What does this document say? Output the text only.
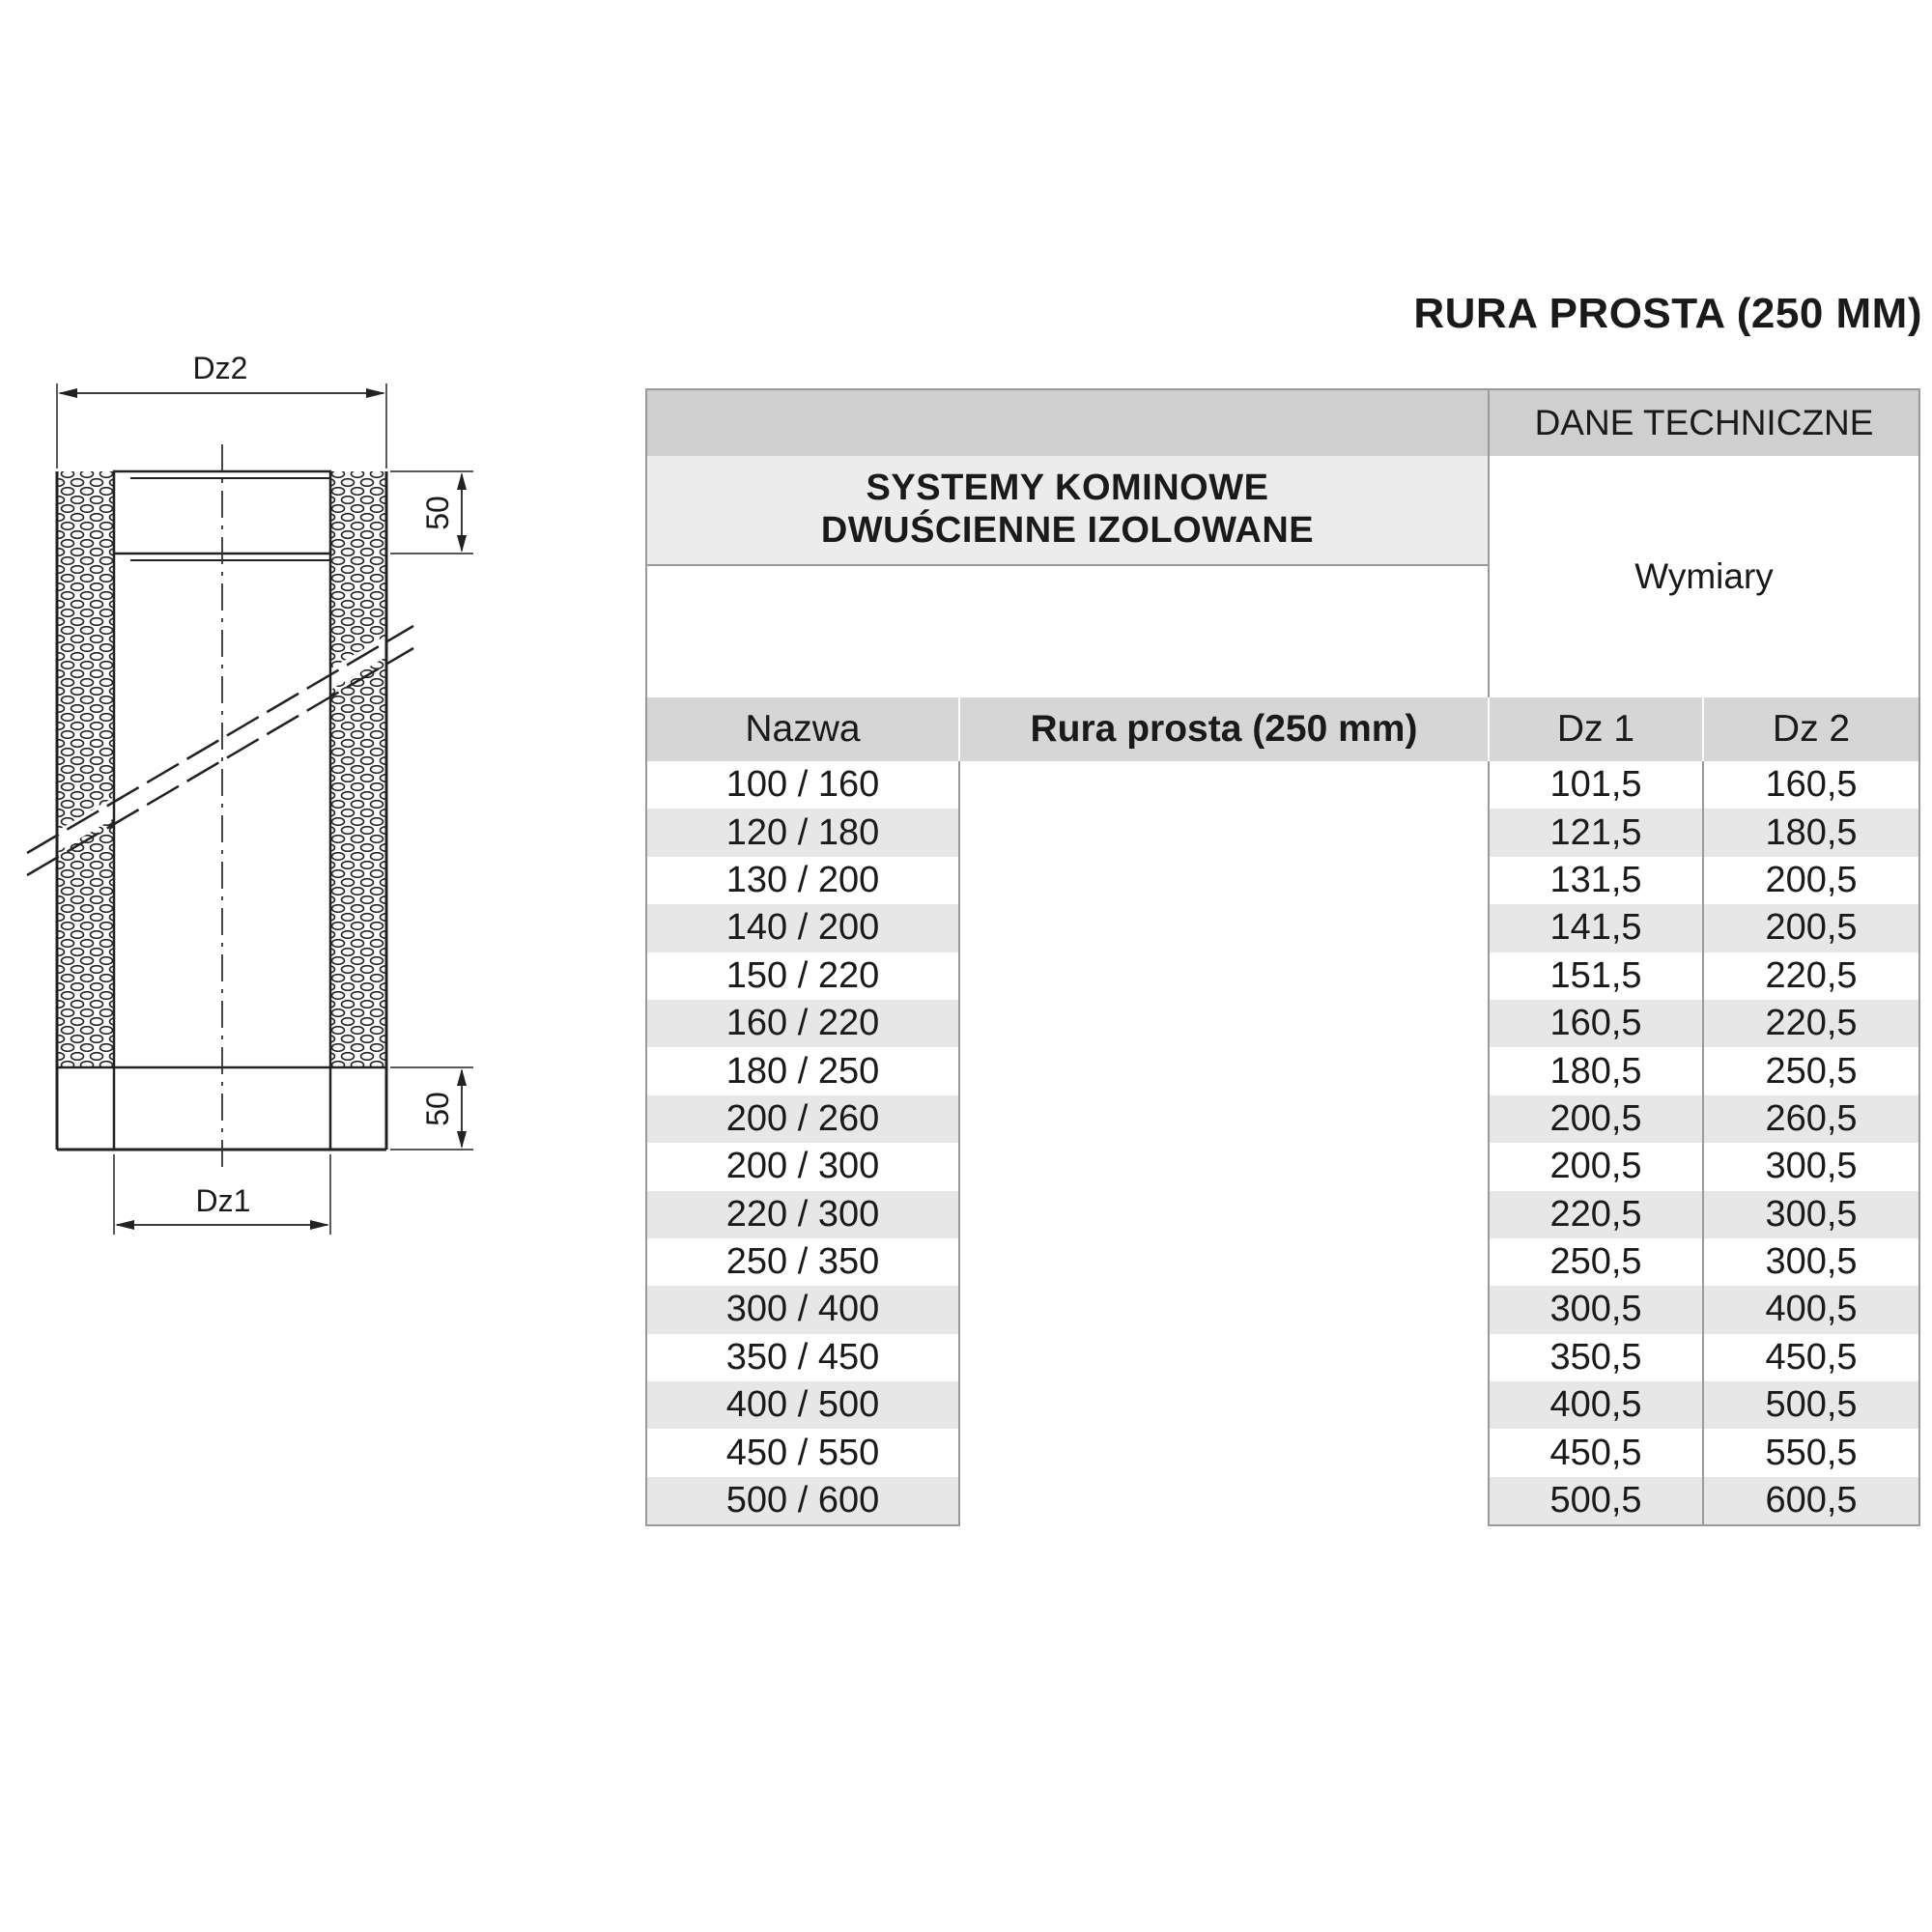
RURA PROSTA (250 MM)
Dz2
Dz1
50
50
		DANE TECHNICZNE	

SYSTEMY KOMINOWE
DWUŚCIENNE IZOLOWANE		Wymiary	

Nazwa	Rura prosta (250 mm)	Dz 1	Dz 2
100 / 160		101,5	160,5
120 / 180		121,5	180,5
130 / 200		131,5	200,5
140 / 200		141,5	200,5
150 / 220		151,5	220,5
160 / 220		160,5	220,5
180 / 250		180,5	250,5
200 / 260		200,5	260,5
200 / 300		200,5	300,5
220 / 300		220,5	300,5
250 / 350		250,5	300,5
300 / 400		300,5	400,5
350 / 450		350,5	450,5
400 / 500		400,5	500,5
450 / 550		450,5	550,5
500 / 600		500,5	600,5
